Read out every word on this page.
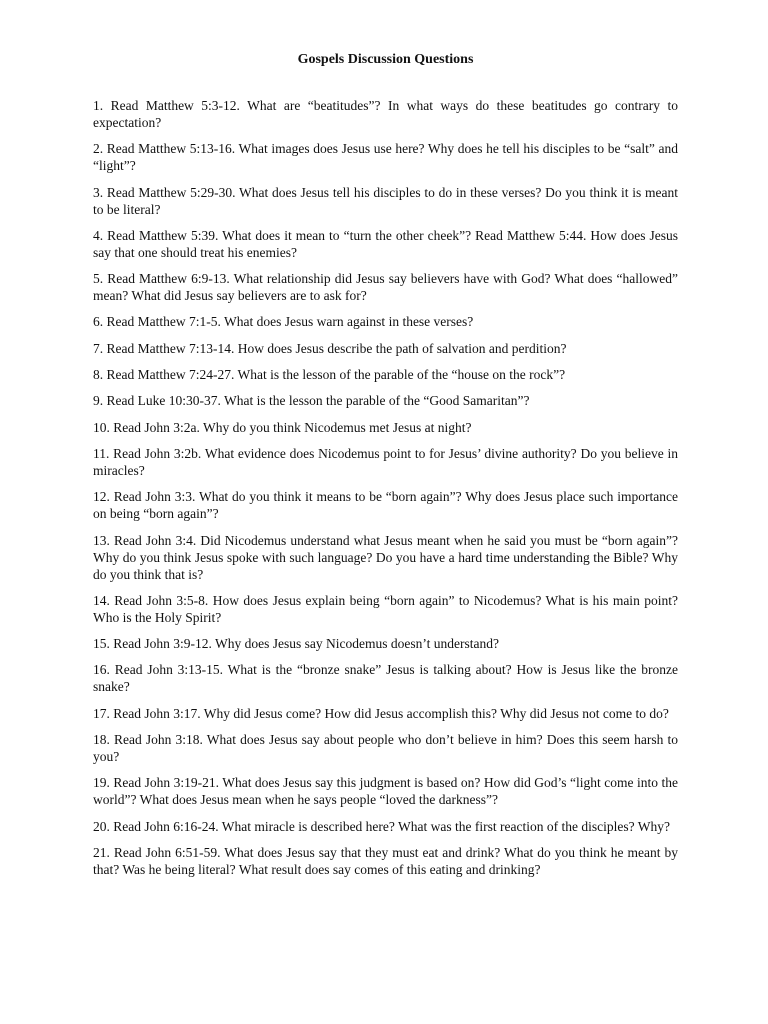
Gospels Discussion Questions

1. Read Matthew 5:3-12. What are “beatitudes”? In what ways do these beatitudes go contrary to expectation?

2. Read Matthew 5:13-16. What images does Jesus use here? Why does he tell his disciples to be “salt” and “light”?

3. Read Matthew 5:29-30. What does Jesus tell his disciples to do in these verses? Do you think it is meant to be literal?

4. Read Matthew 5:39. What does it mean to “turn the other cheek”? Read Matthew 5:44. How does Jesus say that one should treat his enemies?

5. Read Matthew 6:9-13. What relationship did Jesus say believers have with God? What does “hallowed” mean? What did Jesus say believers are to ask for?

6. Read Matthew 7:1-5. What does Jesus warn against in these verses?

7. Read Matthew 7:13-14. How does Jesus describe the path of salvation and perdition?

8. Read Matthew 7:24-27. What is the lesson of the parable of the “house on the rock”?

9. Read Luke 10:30-37. What is the lesson the parable of the “Good Samaritan”?

10. Read John 3:2a. Why do you think Nicodemus met Jesus at night?

11. Read John 3:2b. What evidence does Nicodemus point to for Jesus’ divine authority? Do you believe in miracles?

12. Read John 3:3. What do you think it means to be “born again”? Why does Jesus place such importance on being “born again”?

13. Read John 3:4. Did Nicodemus understand what Jesus meant when he said you must be “born again”? Why do you think Jesus spoke with such language? Do you have a hard time understanding the Bible? Why do you think that is?

14. Read John 3:5-8. How does Jesus explain being “born again” to Nicodemus? What is his main point? Who is the Holy Spirit?

15. Read John 3:9-12. Why does Jesus say Nicodemus doesn’t understand?

16. Read John 3:13-15. What is the “bronze snake” Jesus is talking about? How is Jesus like the bronze snake?

17. Read John 3:17. Why did Jesus come? How did Jesus accomplish this? Why did Jesus not come to do?

18. Read John 3:18. What does Jesus say about people who don’t believe in him? Does this seem harsh to you?

19. Read John 3:19-21. What does Jesus say this judgment is based on? How did God’s “light come into the world”? What does Jesus mean when he says people “loved the darkness”?

20. Read John 6:16-24. What miracle is described here? What was the first reaction of the disciples? Why?

21. Read John 6:51-59. What does Jesus say that they must eat and drink? What do you think he meant by that? Was he being literal? What result does say comes of this eating and drinking?
